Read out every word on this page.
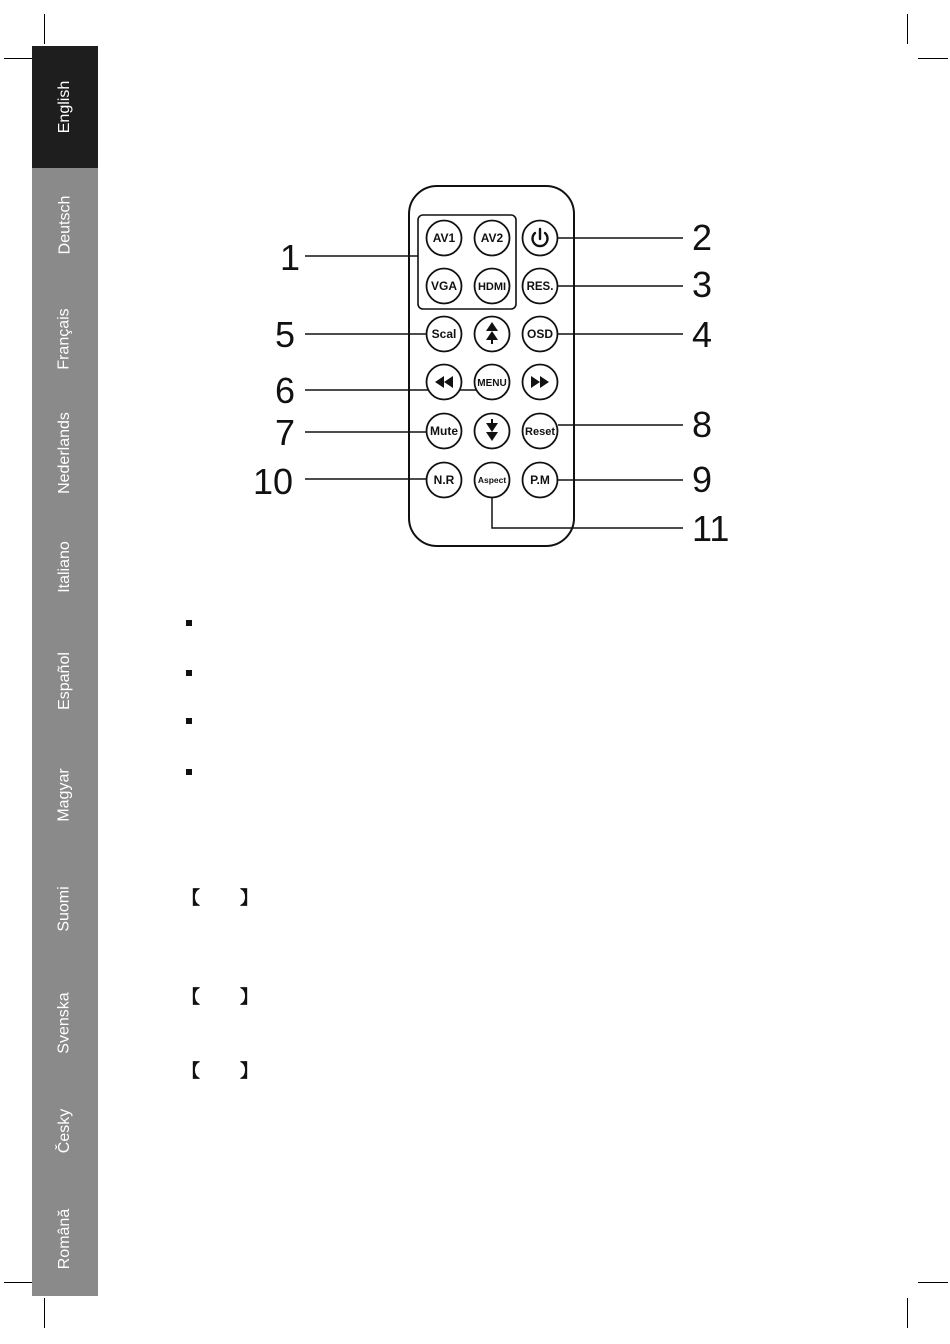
English
Deutsch
Français
Nederlands
Italiano
Español
Magyar
Suomi
Svenska
Česky
Română
AV1 AV2
VGA HDMI RES.
Scal	OSD
MENU
Mute	Reset
N.R	Aspect P.M
1	2
3
4
5
6
7	8
9
10
11
【 】
【 】
【 】
